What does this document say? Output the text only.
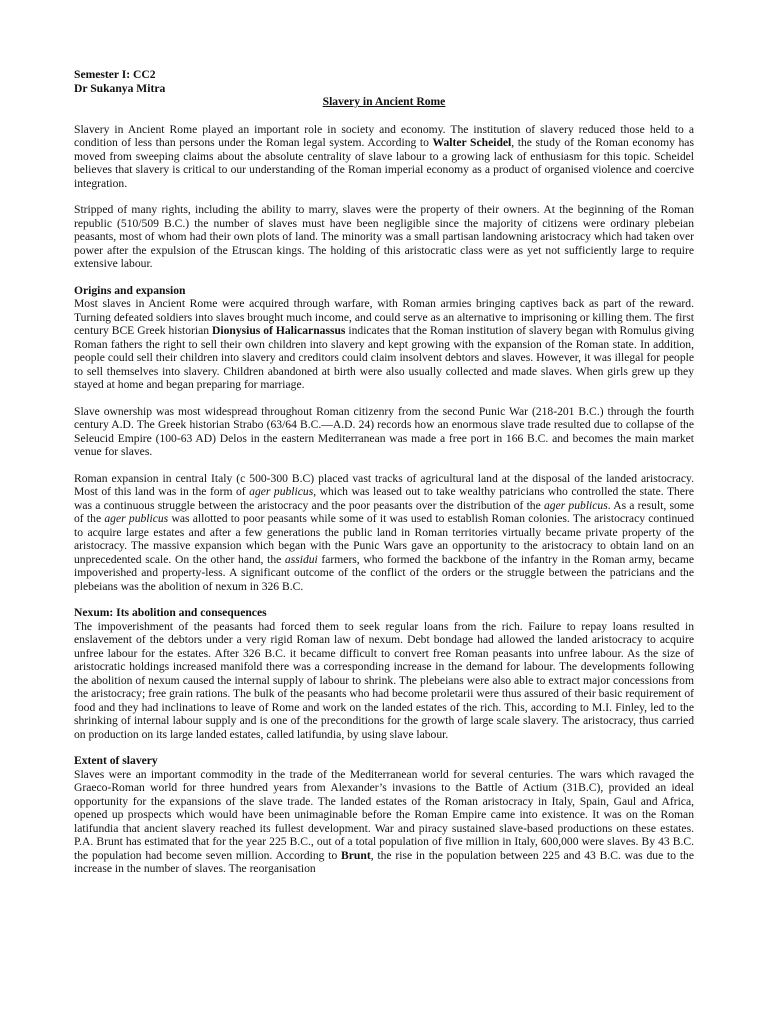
Semester I: CC2
Dr Sukanya Mitra
Slavery in Ancient Rome

Slavery in Ancient Rome played an important role in society and economy. The institution of slavery reduced those held to a condition of less than persons under the Roman legal system. According to Walter Scheidel, the study of the Roman economy has moved from sweeping claims about the absolute centrality of slave labour to a growing lack of enthusiasm for this topic. Scheidel believes that slavery is critical to our understanding of the Roman imperial economy as a product of organised violence and coercive integration.

Stripped of many rights, including the ability to marry, slaves were the property of their owners. At the beginning of the Roman republic (510/509 B.C.) the number of slaves must have been negligible since the majority of citizens were ordinary plebeian peasants, most of whom had their own plots of land. The minority was a small partisan landowning aristocracy which had taken over power after the expulsion of the Etruscan kings. The holding of this aristocratic class were as yet not sufficiently large to require extensive labour.

Origins and expansion

Most slaves in Ancient Rome were acquired through warfare, with Roman armies bringing captives back as part of the reward. Turning defeated soldiers into slaves brought much income, and could serve as an alternative to imprisoning or killing them. The first century BCE Greek historian Dionysius of Halicarnassus indicates that the Roman institution of slavery began with Romulus giving Roman fathers the right to sell their own children into slavery and kept growing with the expansion of the Roman state. In addition, people could sell their children into slavery and creditors could claim insolvent debtors and slaves. However, it was illegal for people to sell themselves into slavery. Children abandoned at birth were also usually collected and made slaves. When girls grew up they stayed at home and began preparing for marriage.

Slave ownership was most widespread throughout Roman citizenry from the second Punic War (218-201 B.C.) through the fourth century A.D. The Greek historian Strabo (63/64 B.C.—A.D. 24) records how an enormous slave trade resulted due to collapse of the Seleucid Empire (100-63 AD) Delos in the eastern Mediterranean was made a free port in 166 B.C. and becomes the main market venue for slaves.

Roman expansion in central Italy (c 500-300 B.C) placed vast tracks of agricultural land at the disposal of the landed aristocracy. Most of this land was in the form of ager publicus, which was leased out to take wealthy patricians who controlled the state. There was a continuous struggle between the aristocracy and the poor peasants over the distribution of the ager publicus. As a result, some of the ager publicus was allotted to poor peasants while some of it was used to establish Roman colonies. The aristocracy continued to acquire large estates and after a few generations the public land in Roman territories virtually became private property of the aristocracy. The massive expansion which began with the Punic Wars gave an opportunity to the aristocracy to obtain land on an unprecedented scale. On the other hand, the assidui farmers, who formed the backbone of the infantry in the Roman army, became impoverished and property-less. A significant outcome of the conflict of the orders or the struggle between the patricians and the plebeians was the abolition of nexum in 326 B.C.

Nexum: Its abolition and consequences

The impoverishment of the peasants had forced them to seek regular loans from the rich. Failure to repay loans resulted in enslavement of the debtors under a very rigid Roman law of nexum. Debt bondage had allowed the landed aristocracy to acquire unfree labour for the estates. After 326 B.C. it became difficult to convert free Roman peasants into unfree labour. As the size of aristocratic holdings increased manifold there was a corresponding increase in the demand for labour. The developments following the abolition of nexum caused the internal supply of labour to shrink. The plebeians were also able to extract major concessions from the aristocracy; free grain rations. The bulk of the peasants who had become proletarii were thus assured of their basic requirement of food and they had inclinations to leave of Rome and work on the landed estates of the rich. This, according to M.I. Finley, led to the shrinking of internal labour supply and is one of the preconditions for the growth of large scale slavery. The aristocracy, thus carried on production on its large landed estates, called latifundia, by using slave labour.

Extent of slavery

Slaves were an important commodity in the trade of the Mediterranean world for several centuries. The wars which ravaged the Graeco-Roman world for three hundred years from Alexander’s invasions to the Battle of Actium (31B.C), provided an ideal opportunity for the expansions of the slave trade. The landed estates of the Roman aristocracy in Italy, Spain, Gaul and Africa, opened up prospects which would have been unimaginable before the Roman Empire came into existence. It was on the Roman latifundia that ancient slavery reached its fullest development. War and piracy sustained slave-based productions on these estates. P.A. Brunt has estimated that for the year 225 B.C., out of a total population of five million in Italy, 600,000 were slaves. By 43 B.C. the population had become seven million. According to Brunt, the rise in the population between 225 and 43 B.C. was due to the increase in the number of slaves. The reorganisation
